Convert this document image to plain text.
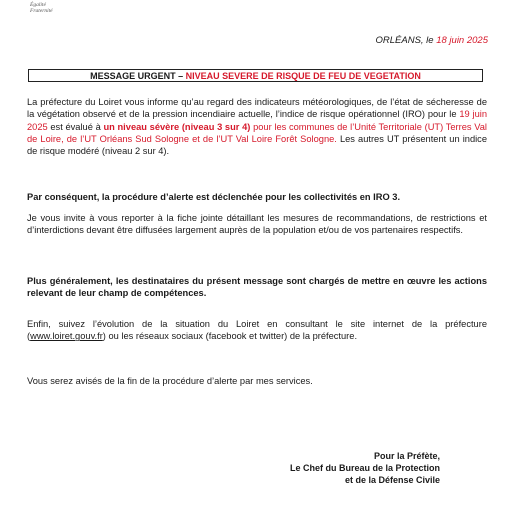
Égalité
Fraternité
ORLÉANS, le 18 juin 2025
MESSAGE URGENT – NIVEAU SEVERE DE RISQUE DE FEU DE VEGETATION
La préfecture du Loiret vous informe qu’au regard des indicateurs météorologiques, de l’état de sécheresse de la végétation observé et de la pression incendiaire actuelle, l’indice de risque opérationnel (IRO) pour le 19 juin 2025 est évalué à un niveau sévère (niveau 3 sur 4) pour les communes de l’Unité Territoriale (UT) Terres Val de Loire, de l’UT Orléans Sud Sologne et de l’UT Val Loire Forêt Sologne. Les autres UT présentent un indice de risque modéré (niveau 2 sur 4).
Par conséquent, la procédure d’alerte est déclenchée pour les collectivités en IRO 3.
Je vous invite à vous reporter à la fiche jointe détaillant les mesures de recommandations, de restrictions et d’interdictions devant être diffusées largement auprès de la population et/ou de vos partenaires respectifs.
Plus généralement, les destinataires du présent message sont chargés de mettre en œuvre les actions relevant de leur champ de compétences.
Enfin, suivez l’évolution de la situation du Loiret en consultant le site internet de la préfecture (www.loiret.gouv.fr) ou les réseaux sociaux (facebook et twitter) de la préfecture.
Vous serez avisés de la fin de la procédure d’alerte par mes services.
Pour la Préfète,
Le Chef du Bureau de la Protection
et de la Défense Civile
